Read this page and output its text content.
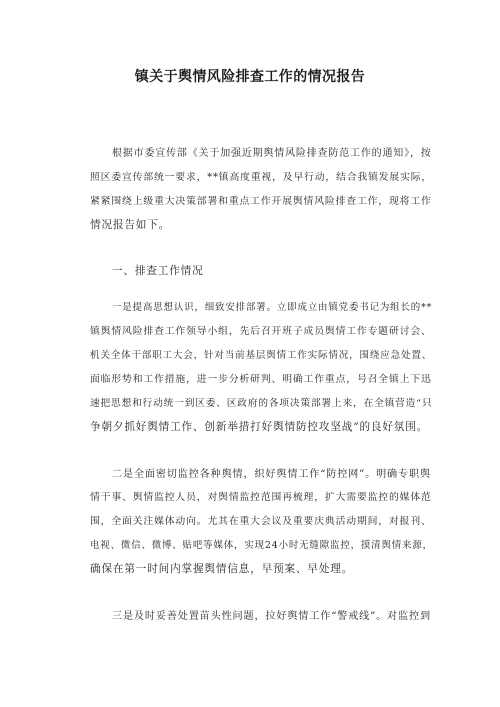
镇关于舆情风险排查工作的情况报告
根据市委宣传部《关于加强近期舆情风险排查防范工作的通知》，按
照区委宣传部统一要求，**镇高度重视，及早行动，结合我镇发展实际，
紧紧围绕上级重大决策部署和重点工作开展舆情风险排查工作，现将工作
情况报告如下。
一、排查工作情况
一是提高思想认识，细致安排部署。立即成立由镇党委书记为组长的**
镇舆情风险排查工作领导小组，先后召开班子成员舆情工作专题研讨会、
机关全体干部职工大会，针对当前基层舆情工作实际情况，围绕应急处置、
面临形势和工作措施，进一步分析研判、明确工作重点，号召全镇上下迅
速把思想和行动统一到区委、区政府的各项决策部署上来，在全镇营造“只
争朝夕抓好舆情工作、创新举措打好舆情防控攻坚战”的良好氛围。
二是全面密切监控各种舆情，织好舆情工作“防控网”。明确专职舆
情干事、舆情监控人员，对舆情监控范围再梳理，扩大需要监控的媒体范
围，全面关注媒体动向。尤其在重大会议及重要庆典活动期间，对报刊、
电视、微信、微博、贴吧等媒体，实现24小时无缝隙监控，摸清舆情来源，
确保在第一时间内掌握舆情信息，早预案、早处理。
三是及时妥善处置苗头性问题，拉好舆情工作“警戒线”。对监控到
